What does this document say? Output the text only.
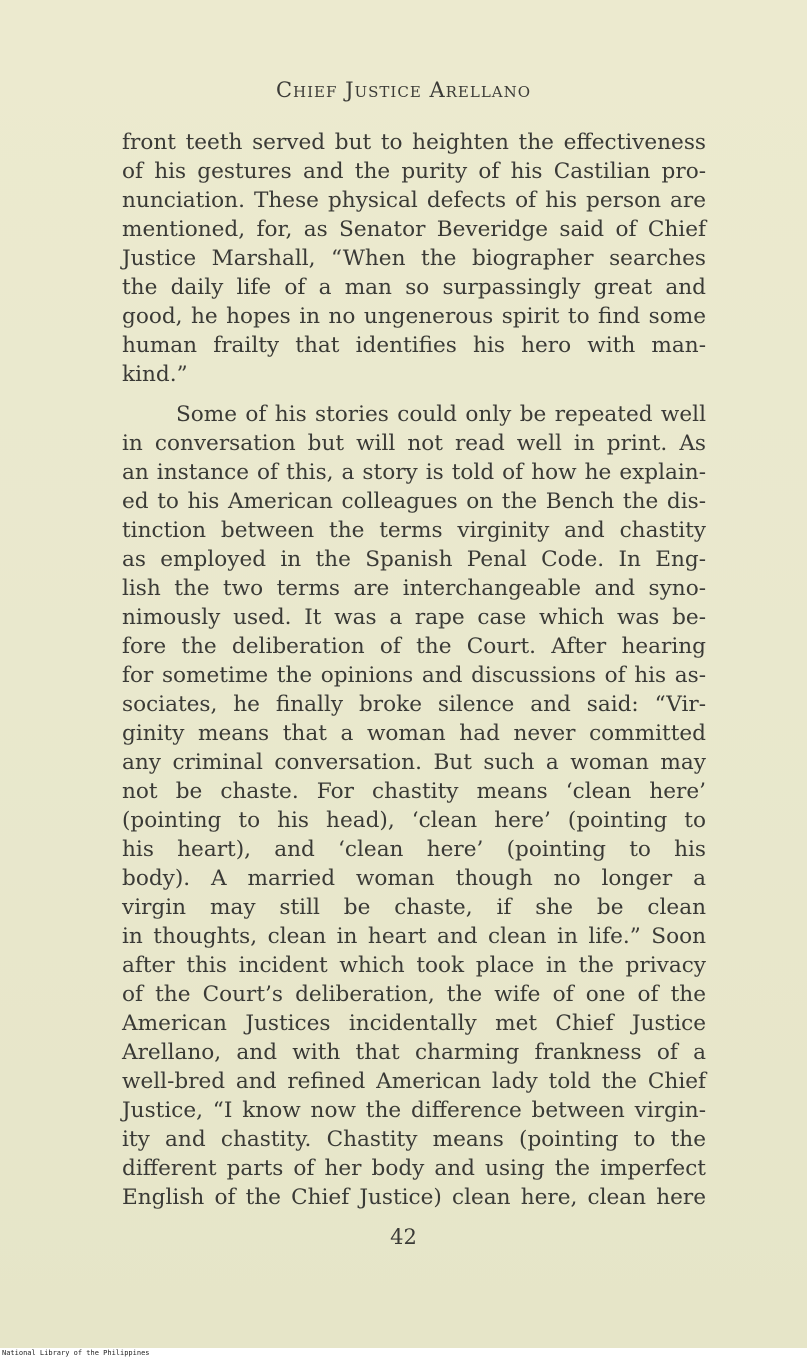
Chief Justice Arellano
front teeth served but to heighten the effectiveness
of his gestures and the purity of his Castilian pro-
nunciation. These physical defects of his person are
mentioned, for, as Senator Beveridge said of Chief
Justice Marshall, “When the biographer searches
the daily life of a man so surpassingly great and
good, he hopes in no ungenerous spirit to find some
human frailty that identifies his hero with man-
kind.”
Some of his stories could only be repeated well
in conversation but will not read well in print. As
an instance of this, a story is told of how he explain-
ed to his American colleagues on the Bench the dis-
tinction between the terms virginity and chastity
as employed in the Spanish Penal Code. In Eng-
lish the two terms are interchangeable and syno-
nimously used. It was a rape case which was be-
fore the deliberation of the Court. After hearing
for sometime the opinions and discussions of his as-
sociates, he finally broke silence and said: “Vir-
ginity means that a woman had never committed
any criminal conversation. But such a woman may
not be chaste. For chastity means ‘clean here’
(pointing to his head), ‘clean here’ (pointing to
his heart), and ‘clean here’ (pointing to his
body). A married woman though no longer a
virgin may still be chaste, if she be clean
in thoughts, clean in heart and clean in life.” Soon
after this incident which took place in the privacy
of the Court’s deliberation, the wife of one of the
American Justices incidentally met Chief Justice
Arellano, and with that charming frankness of a
well-bred and refined American lady told the Chief
Justice, “I know now the difference between virgin-
ity and chastity. Chastity means (pointing to the
different parts of her body and using the imperfect
English of the Chief Justice) clean here, clean here
42
National Library of the Philippines
